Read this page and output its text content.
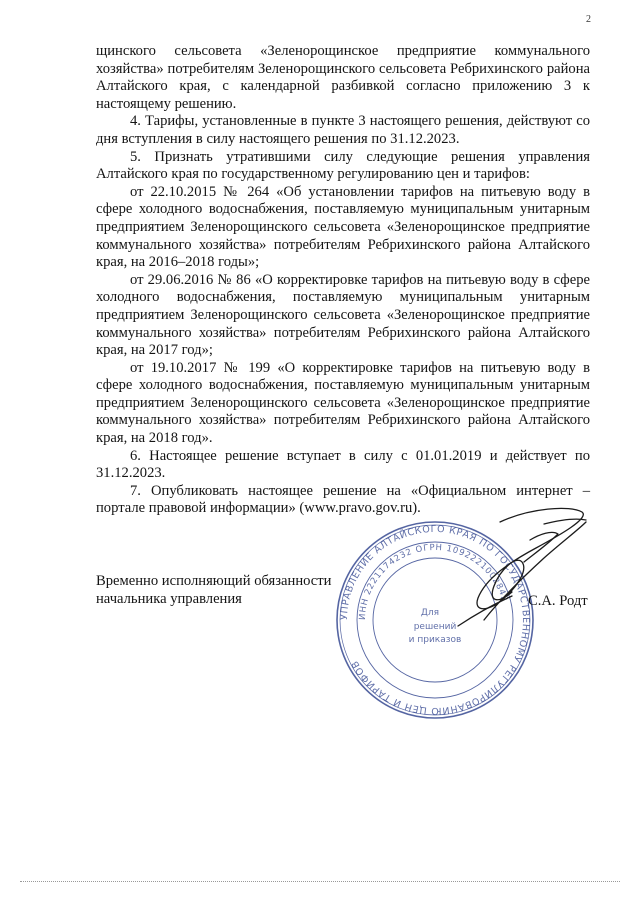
2

щинского сельсовета «Зеленорощинское предприятие коммунального хозяйства» потребителям Зеленорощинского сельсовета Ребрихинского района Алтайского края, с календарной разбивкой согласно приложению 3 к настоящему решению.

4. Тарифы, установленные в пункте 3 настоящего решения, действуют со дня вступления в силу настоящего решения по 31.12.2023.

5. Признать утратившими силу следующие решения управления Алтайского края по государственному регулированию цен и тарифов:

от 22.10.2015 № 264 «Об установлении тарифов на питьевую воду в сфере холодного водоснабжения, поставляемую муниципальным унитарным предприятием Зеленорощинского сельсовета «Зеленорощинское предприятие коммунального хозяйства» потребителям Ребрихинского района Алтайского края, на 2016–2018 годы»;

от 29.06.2016 № 86 «О корректировке тарифов на питьевую воду в сфере холодного водоснабжения, поставляемую муниципальным унитарным предприятием Зеленорощинского сельсовета «Зеленорощинское предприятие коммунального хозяйства» потребителям Ребрихинского района Алтайского края, на 2017 год»;

от 19.10.2017 № 199 «О корректировке тарифов на питьевую воду в сфере холодного водоснабжения, поставляемую муниципальным унитарным предприятием Зеленорощинского сельсовета «Зеленорощинское предприятие коммунального хозяйства» потребителям Ребрихинского района Алтайского края, на 2018 год».

6. Настоящее решение вступает в силу с 01.01.2019 и действует по 31.12.2023.

7. Опубликовать настоящее решение на «Официальном интернет – портале правовой информации» (www.pravo.gov.ru).

Временно исполняющий обязанности
начальника управления
УПРАВЛЕНИЕ АЛТАЙСКОГО КРАЯ ПО ГОСУДАРСТВЕННОМУ РЕГУЛИРОВАНИЮ ЦЕН И ТАРИФОВ
ИНН 2221174232 ОГРН 1092221002842
Для
решений
и приказов
С.А. Родт
